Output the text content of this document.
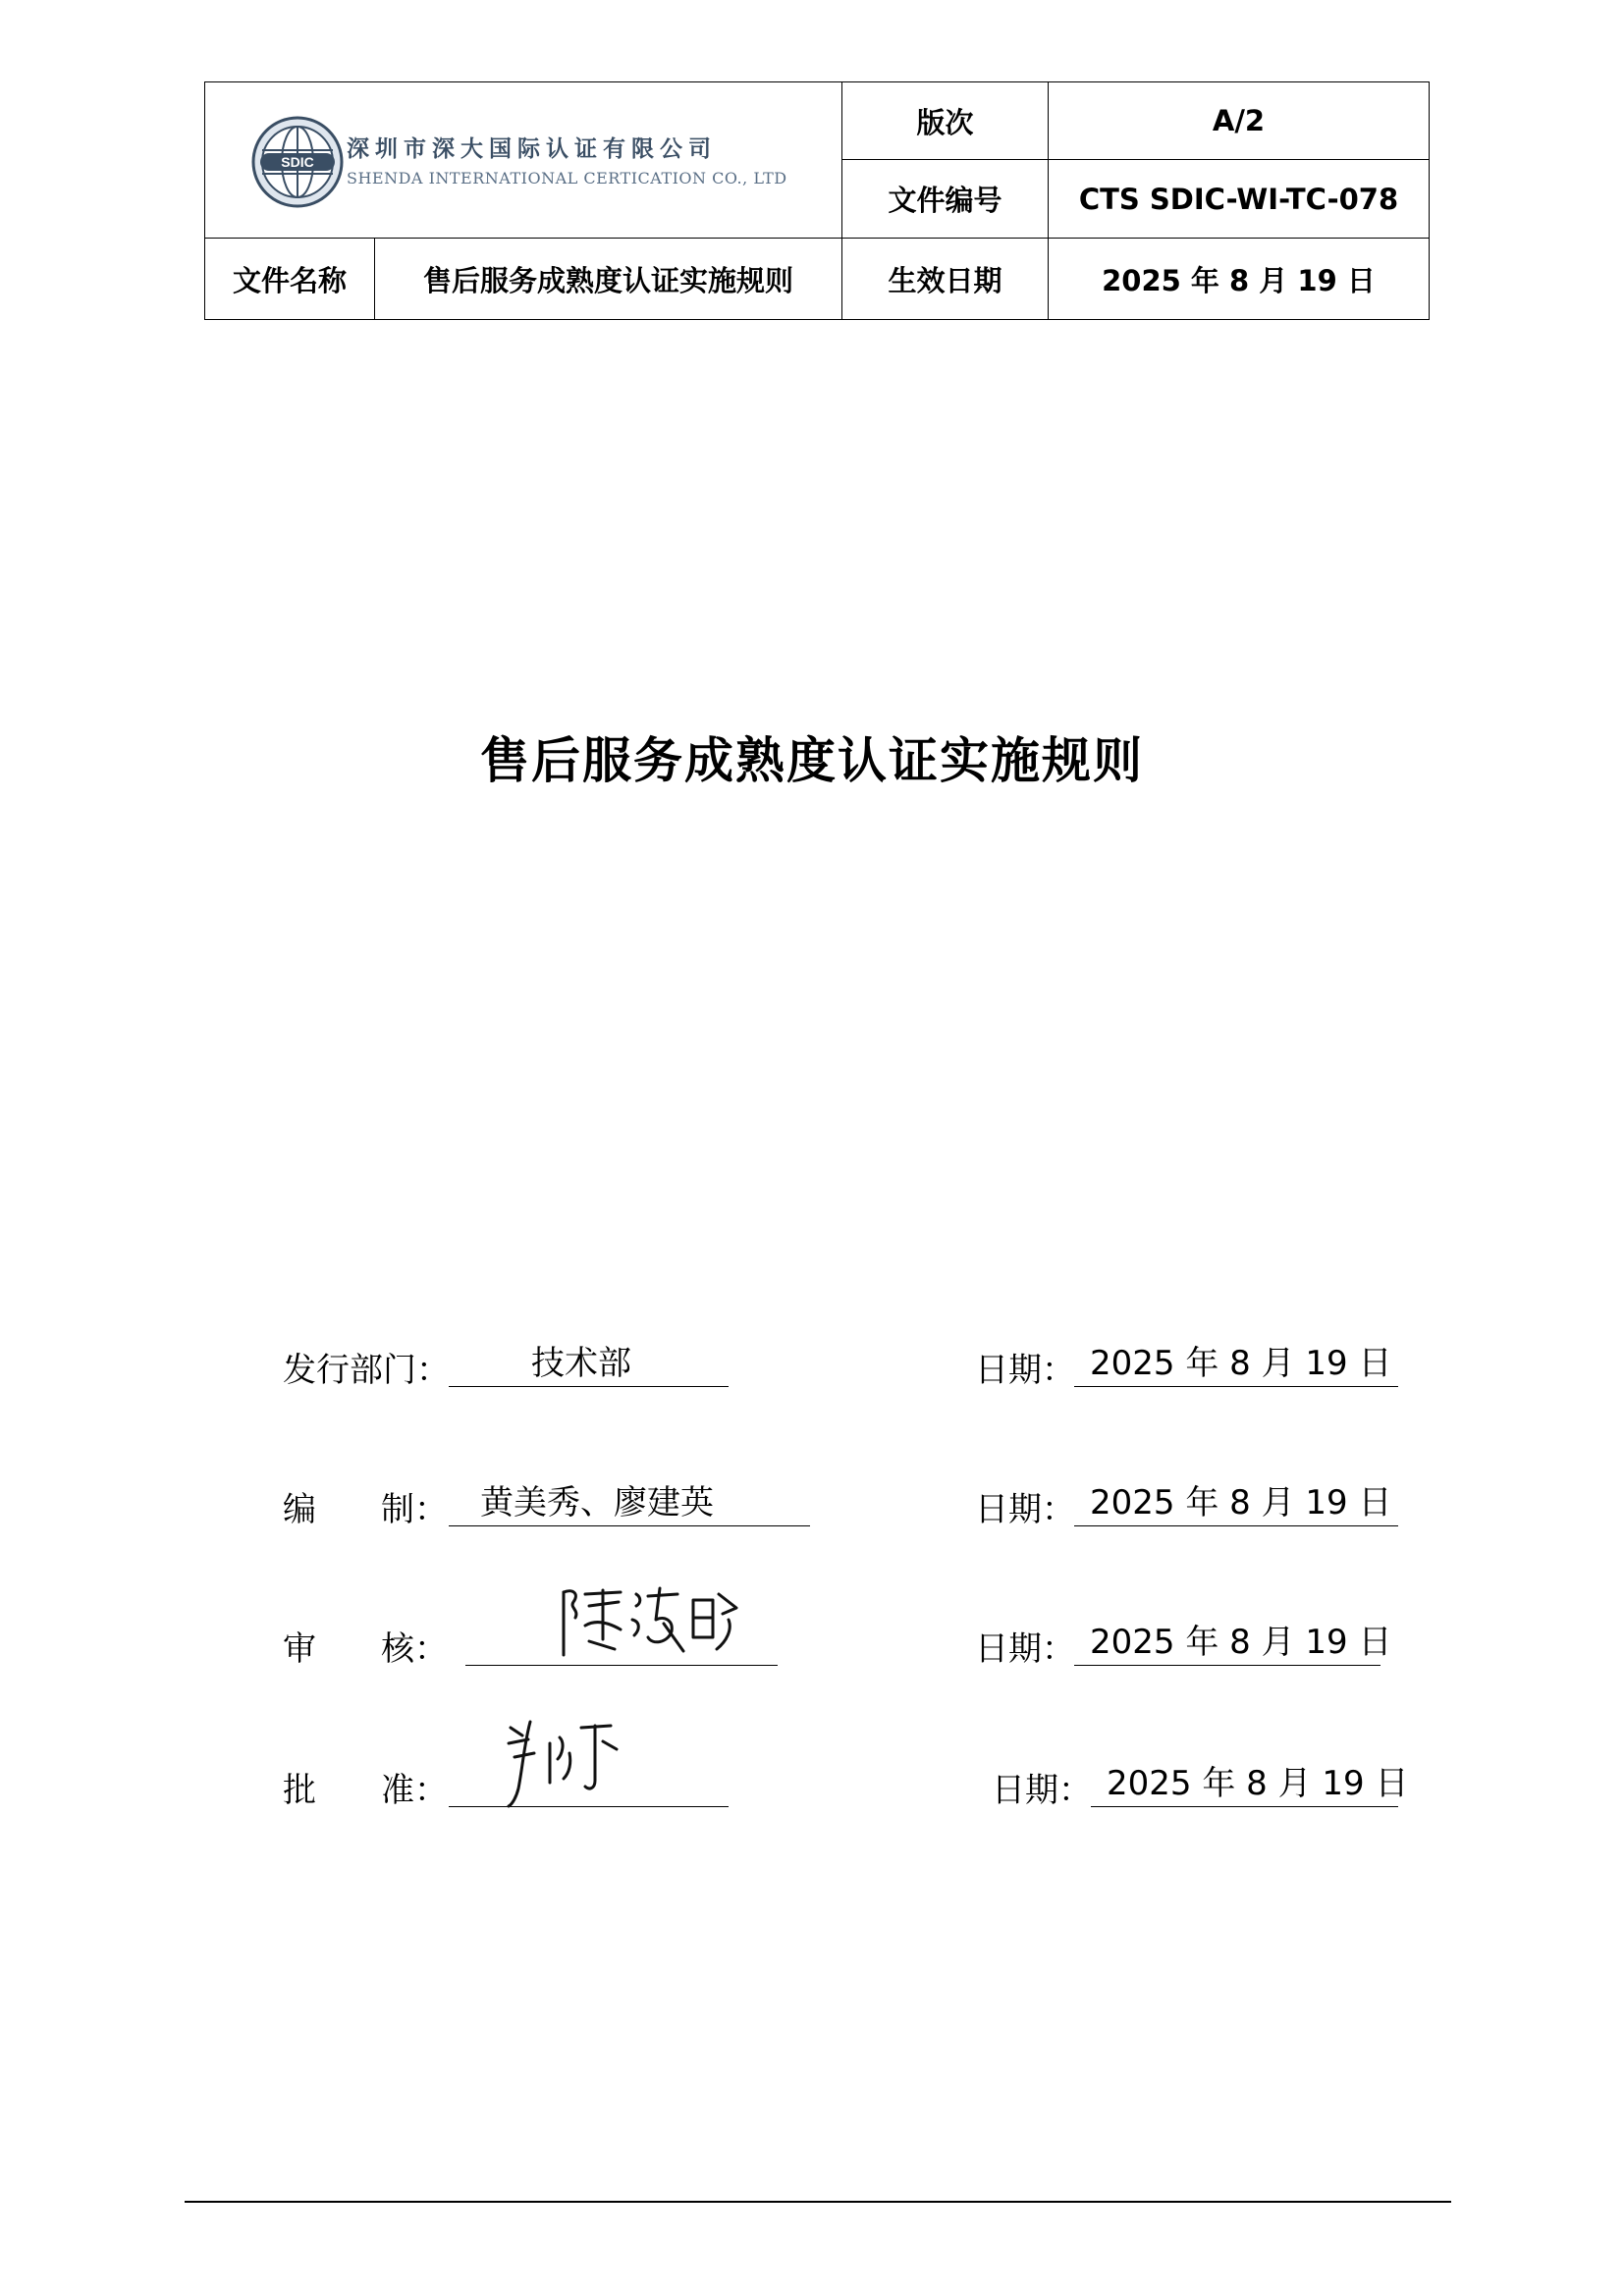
SDIC 深圳市深大国际认证有限公司
SHENDA INTERNATIONAL CERTICATION CO., LTD		版次	A/2
		文件编号	CTS SDIC-WI-TC-078
文件名称	售后服务成熟度认证实施规则	生效日期	2025 年 8 月 19 日
售后服务成熟度认证实施规则
发行部门： 技术部	日期： 2025 年 8 月 19 日
编 制： 黄美秀、廖建英	日期： 2025 年 8 月 19 日
审 核：	日期： 2025 年 8 月 19 日
批 准：	日期： 2025 年 8 月 19 日
